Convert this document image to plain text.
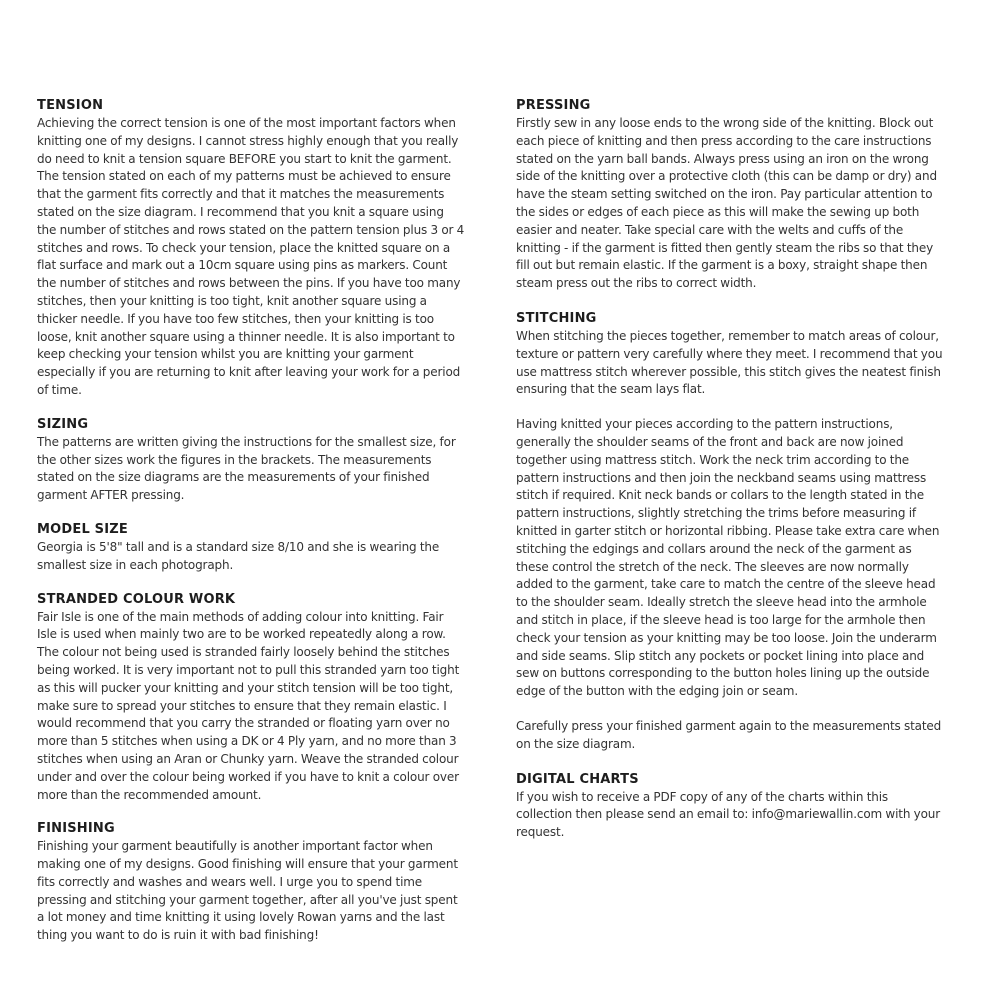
TENSION

Achieving the correct tension is one of the most important factors when knitting one of my designs. I cannot stress highly enough that you really do need to knit a tension square BEFORE you start to knit the garment. The tension stated on each of my patterns must be achieved to ensure that the garment fits correctly and that it matches the measurements stated on the size diagram. I recommend that you knit a square using the number of stitches and rows stated on the pattern tension plus 3 or 4 stitches and rows. To check your tension, place the knitted square on a flat surface and mark out a 10cm square using pins as markers. Count the number of stitches and rows between the pins. If you have too many stitches, then your knitting is too tight, knit another square using a thicker needle. If you have too few stitches, then your knitting is too loose, knit another square using a thinner needle. It is also important to keep checking your tension whilst you are knitting your garment especially if you are returning to knit after leaving your work for a period of time.

SIZING

The patterns are written giving the instructions for the smallest size, for the other sizes work the figures in the brackets. The measurements stated on the size diagrams are the measurements of your finished garment AFTER pressing.

MODEL SIZE

Georgia is 5'8" tall and is a standard size 8/10 and she is wearing the smallest size in each photograph.

STRANDED COLOUR WORK

Fair Isle is one of the main methods of adding colour into knitting. Fair Isle is used when mainly two are to be worked repeatedly along a row. The colour not being used is stranded fairly loosely behind the stitches being worked. It is very important not to pull this stranded yarn too tight as this will pucker your knitting and your stitch tension will be too tight, make sure to spread your stitches to ensure that they remain elastic. I would recommend that you carry the stranded or floating yarn over no more than 5 stitches when using a DK or 4 Ply yarn, and no more than 3 stitches when using an Aran or Chunky yarn. Weave the stranded colour under and over the colour being worked if you have to knit a colour over more than the recommended amount.

FINISHING

Finishing your garment beautifully is another important factor when making one of my designs. Good finishing will ensure that your garment fits correctly and washes and wears well. I urge you to spend time pressing and stitching your garment together, after all you've just spent a lot money and time knitting it using lovely Rowan yarns and the last thing you want to do is ruin it with bad finishing!

PRESSING

Firstly sew in any loose ends to the wrong side of the knitting. Block out each piece of knitting and then press according to the care instructions stated on the yarn ball bands. Always press using an iron on the wrong side of the knitting over a protective cloth (this can be damp or dry) and have the steam setting switched on the iron. Pay particular attention to the sides or edges of each piece as this will make the sewing up both easier and neater. Take special care with the welts and cuffs of the knitting - if the garment is fitted then gently steam the ribs so that they fill out but remain elastic. If the garment is a boxy, straight shape then steam press out the ribs to correct width.

STITCHING

When stitching the pieces together, remember to match areas of colour, texture or pattern very carefully where they meet. I recommend that you use mattress stitch wherever possible, this stitch gives the neatest finish ensuring that the seam lays flat.

Having knitted your pieces according to the pattern instructions, generally the shoulder seams of the front and back are now joined together using mattress stitch. Work the neck trim according to the pattern instructions and then join the neckband seams using mattress stitch if required. Knit neck bands or collars to the length stated in the pattern instructions, slightly stretching the trims before measuring if knitted in garter stitch or horizontal ribbing. Please take extra care when stitching the edgings and collars around the neck of the garment as these control the stretch of the neck. The sleeves are now normally added to the garment, take care to match the centre of the sleeve head to the shoulder seam. Ideally stretch the sleeve head into the armhole and stitch in place, if the sleeve head is too large for the armhole then check your tension as your knitting may be too loose. Join the underarm and side seams. Slip stitch any pockets or pocket lining into place and sew on buttons corresponding to the button holes lining up the outside edge of the button with the edging join or seam.

Carefully press your finished garment again to the measurements stated on the size diagram.

DIGITAL CHARTS

If you wish to receive a PDF copy of any of the charts within this collection then please send an email to: info@mariewallin.com with your request.
